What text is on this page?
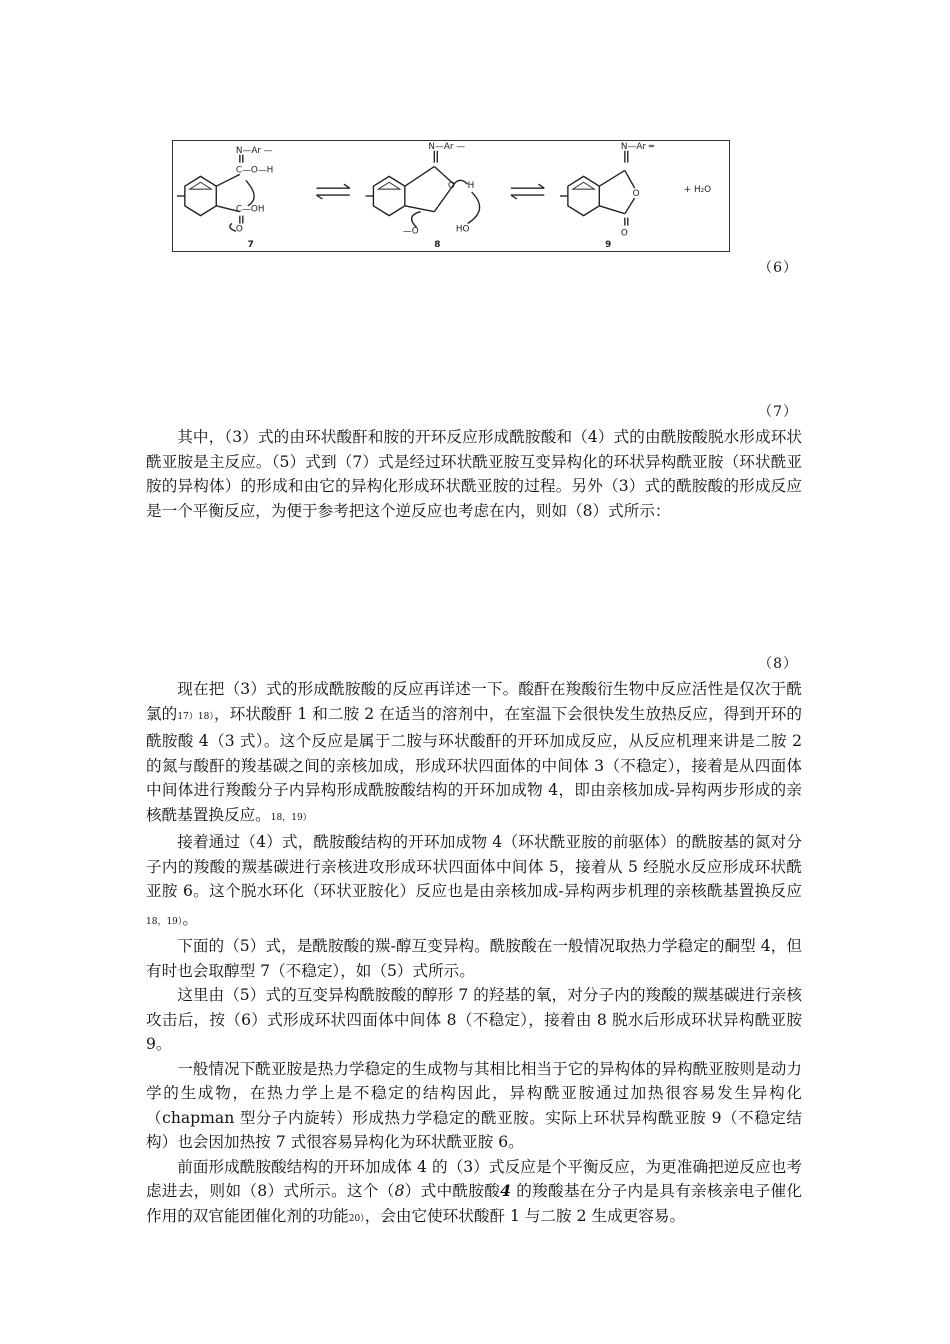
N—Ar —
C—O—H
C—OH
O
7
N—Ar —
O H
—O	HO
8
N—Ar ═
O
O
9
+ H₂O
（6）
（7）

其中，（3）式的由环状酸酐和胺的开环反应形成酰胺酸和（4）式的由酰胺酸脱水形成环状酰亚胺是主反应。（5）式到（7）式是经过环状酰亚胺互变异构化的环状异构酰亚胺（环状酰亚胺的异构体）的形成和由它的异构化形成环状酰亚胺的过程。另外（3）式的酰胺酸的形成反应是一个平衡反应，为便于参考把这个逆反应也考虑在内，则如（8）式所示：

（8）

现在把（3）式的形成酰胺酸的反应再详述一下。酸酐在羧酸衍生物中反应活性是仅次于酰氯的17）18），环状酸酐 1 和二胺 2 在适当的溶剂中，在室温下会很快发生放热反应，得到开环的酰胺酸 4（3 式）。这个反应是属于二胺与环状酸酐的开环加成反应，从反应机理来讲是二胺 2 的氮与酸酐的羧基碳之间的亲核加成，形成环状四面体的中间体 3（不稳定），接着是从四面体中间体进行羧酸分子内异构形成酰胺酸结构的开环加成物 4，即由亲核加成-异构两步形成的亲核酰基置换反应。18，19）

接着通过（4）式，酰胺酸结构的开环加成物 4（环状酰亚胺的前驱体）的酰胺基的氮对分子内的羧酸的羰基碳进行亲核进攻形成环状四面体中间体 5，接着从 5 经脱水反应形成环状酰亚胺 6。这个脱水环化（环状亚胺化）反应也是由亲核加成-异构两步机理的亲核酰基置换反应 18，19）。

下面的（5）式，是酰胺酸的羰-醇互变异构。酰胺酸在一般情况取热力学稳定的酮型 4，但有时也会取醇型 7（不稳定），如（5）式所示。

这里由（5）式的互变异构酰胺酸的醇形 7 的羟基的氧，对分子内的羧酸的羰基碳进行亲核攻击后，按（6）式形成环状四面体中间体 8（不稳定），接着由 8 脱水后形成环状异构酰亚胺 9。

一般情况下酰亚胺是热力学稳定的生成物与其相比相当于它的异构体的异构酰亚胺则是动力学的生成物，在热力学上是不稳定的结构因此，异构酰亚胺通过加热很容易发生异构化（chapman 型分子内旋转）形成热力学稳定的酰亚胺。实际上环状异构酰亚胺 9（不稳定结构）也会因加热按 7 式很容易异构化为环状酰亚胺 6。

前面形成酰胺酸结构的开环加成体 4 的（3）式反应是个平衡反应，为更准确把逆反应也考虑进去，则如（8）式所示。这个（8）式中酰胺酸4 的羧酸基在分子内是具有亲核亲电子催化作用的双官能团催化剂的功能20），会由它使环状酸酐 1 与二胺 2 生成更容易。
